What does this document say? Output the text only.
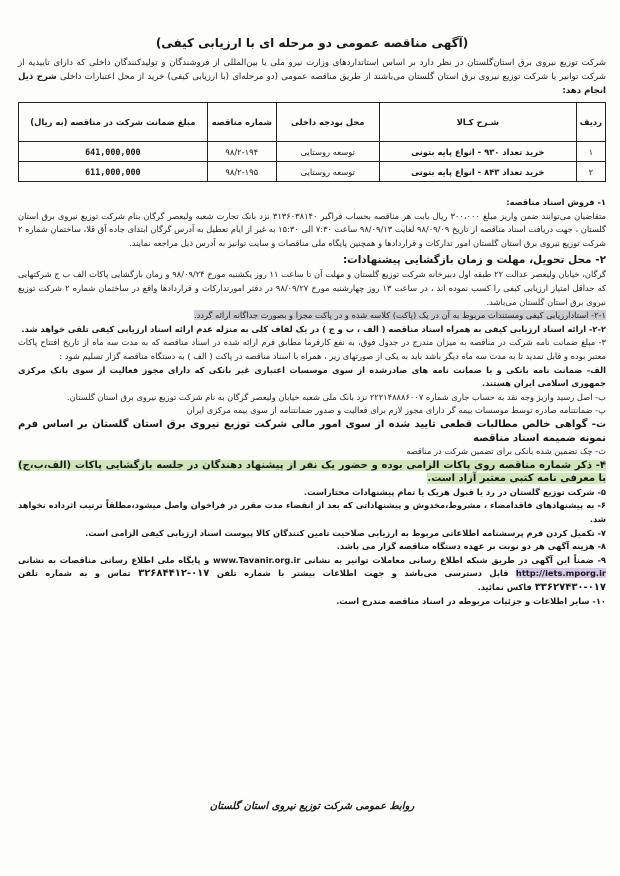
(آگهی مناقصه عمومی دو مرحله ای با ارزیابی کیفی)

شرکت توزیع نیروی برق استان‌گلستان در نظر دارد بر اساس استانداردهای وزارت نیرو ملی یا بین‌المللی از فروشندگان و تولیدکنندگان داخلی که دارای تاییدیه از شرکت توانیر یا شرکت توزیع نیروی برق استان گلستان می‌باشند از طریق مناقصه عمومی (دو مرحله‌ای (با ارزیابی کیفی) خرید از محل اعتبارات داخلی شرح ذیل انجام دهد:

ردیف	شـرح کـالا	محل بودجه داخلی	شماره مناقصه	مبلغ ضمانت شرکت در مناقصه (به ریال)
۱	خرید تعداد ۹۳۰ - انواع پایه بتونی	توسعه روستایی	۹۸/۲-۱۹۴	641,000,000
۲	خرید تعداد ۸۴۳ - انواع پایه بتونی	توسعه روستایی	۹۸/۲-۱۹۵	611,000,000

۱- فروش اسناد مناقصه:

متقاضیان می‌توانند ضمن واریز مبلغ ۳۰۰،۰۰۰ ریال بابت هر مناقصه بحساب فراگیر ۳۱۳۶۰۳۸۱۴۰ نزد بانک تجارت شعبه ولیعصر گرگان بنام شرکت توزیع نیروی برق استان گلستان ، جهت دریافت اسناد مناقصه از تاریخ ۹۸/۰۹/۰۹ لغایت ۹۸/۰۹/۱۳ ساعت ۷:۳۰ الی ۱۵:۳۰ به غیر از ایام تعطیل به آدرس گرگان ابتدای جاده آق قلا، ساختمان شماره ۲ شرکت توزیع نیروی برق استان گلستان امور تدارکات و قراردادها و همچنین پایگاه ملی مناقصات و سایت توانیر به آدرس ذیل مراجعه نمایند.

۲- محل تحویل، مهلت و زمان بازگشایی پیشنهادات:

گرگان، خیابان ولیعصر عدالت ۲۲ طبقه اول دبیرخانه شرکت توزیع گلستان و مهلت آن تا ساعت ۱۱ روز یکشنبه مورخ ۹۸/۰۹/۲۴ و زمان بازگشایی پاکات الف ب ج شرکتهایی که حداقل امتیاز ارزیابی کیفی را کسب نموده اند ، در ساعت ۱۳ روز چهارشنبه مورخ ۹۸/۰۹/۲۷ در دفتر امورتدارکات و قراردادها واقع در ساختمان شماره ۲ شرکت توزیع نیروی برق استان گلستان می‌باشد.

۲-۱- استادارزیابی کیفی ومستندات مربوط به آن در یک (پاکت) کلاسه شده و در پاکت مجزا و بصورت جداگانه ارائه گردد.

۲-۲- ارائه اسناد ارزیابی کیفی به همراه اسناد مناقصه ( الف ، ب و ج ) در یک لفاف کلی به منزله عدم ارائه اسناد ارزیابی کیفی تلقی خواهد شد.

۳- مبلغ ضمانت نامه شرکت در مناقصه به میزان مندرج در جدول فوق، به نفع کارفرما مطابق فرم ارائه شده در اسناد مناقصه که به مدت سه ماه از تاریخ افتتاح پاکات معتبر بوده و قابل تمدید تا به مدت سه ماه دیگر باشد باید به یکی از صورتهای زیر ، همراه با اسناد مناقصه در پاکت ( الف ) به دستگاه مناقصه گزار تسلیم شود :

الف- ضمانت نامه بانکی و یا ضمانت نامه های صادرشده از سوی موسسات اعتباری غیر بانکی که دارای مجوز فعالیت از سوی بانک مرکزی جمهوری اسلامی ایران هستند.

ب- اصل رسید واریز وجه نقد به حساب جاری شماره ۲۲۲۱۴۸۸۸۶۰۰۷ نزد بانک ملی شعبه خیابان ولیعصر گرگان به نام شرکت توزیع نیروی برق استان گلستان.

پ- ضمانتنامه صادره توسط موسسات بیمه گر دارای مجوز لازم برای فعالیت و صدور ضمانتنامه از سوی بیمه مرکزی ایران

ت- گواهی خالص مطالبات قطعی تایید شده از سوی امور مالی شرکت توزیع نیروی برق استان گلستان بر اساس فرم نمونه ضمیمه اسناد مناقصه

ث- چک تضمین شده بانکی برای تضمین شرکت در مناقصه

۴- ذکر شماره مناقصه روی پاکات الزامی بوده و حضور یک نفر از پیشنهاد دهندگان در جلسه بازگشایی پاکات (الف،ب،ج) با معرفی نامه کتبی معتبر آزاد است.

۵- شرکت توزیع گلستان در رد یا قبول هریک یا تمام پیشنهادات مختاراست.

۶- به پیشنهادهای فاقدامضاء ، مشروط،مخدوش و پیشنهاداتی که بعد از انقضاء مدت مقرر در فراخوان واصل میشود،مطلقاً ترتیب اثرداده نخواهد شد.

۷- تکمیل کردن فرم پرسشنامه اطلاعاتی مربوط به ارزیابی صلاحیت تامین کنندگان کالا پیوست اسناد ارزیابی کیفی الزامی است.

۸- هزینه آگهی هر دو نوبت بر عهده دستگاه مناقصه گزار می باشد.

۹- ضمناً این آگهی در طریق شبکه اطلاع رسانی معاملات توانیر به نشانی www.Tavanir.org.ir و پایگاه ملی اطلاع رسانی مناقصات به نشانی http://iets.mporg.ir قابل دسترسی می‌باشد و جهت اطلاعات بیشتر با شماره تلفن ۰۱۷-۳۲۶۸۴۴۱۲ تماس و به شماره تلفن ۰۱۷-۳۳۶۲۷۴۳۰ فاکس نمائید.

۱۰- سایر اطلاعات و جزئیات مربوطه در اسناد مناقصه مندرج است.

روابط عمومی شرکت توزیع نیروی استان گلستان
